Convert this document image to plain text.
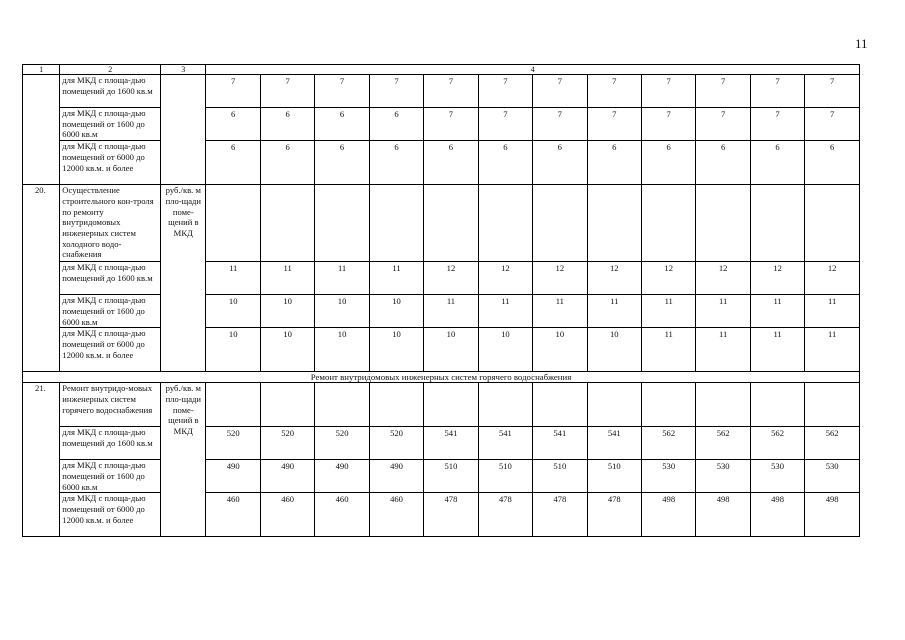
11
1	2	3	4											
	для МКД с площа-дью помещений до 1600 кв.м		7	7	7	7	7	7	7	7	7	7	7	7
	для МКД с площа-дью помещений от 1600 до 6000 кв.м		6	6	6	6	7	7	7	7	7	7	7	7
	для МКД с площа-дью помещений от 6000 до 12000 кв.м. и более		6	6	6	6	6	6	6	6	6	6	6	6
20.	Осуществление строительного кон-троля по ремонту внутридомовых инженерных систем холодного водо-снабжения	руб./кв. м пло-щади поме-щений в МКД												
	для МКД с площа-дью помещений до 1600 кв.м		11	11	11	11	12	12	12	12	12	12	12	12
	для МКД с площа-дью помещений от 1600 до 6000 кв.м		10	10	10	10	11	11	11	11	11	11	11	11
	для МКД с площа-дью помещений от 6000 до 12000 кв.м. и более		10	10	10	10	10	10	10	10	11	11	11	11
Ремонт внутридомовых инженерных систем горячего водоснабжения														
21.	Ремонт внутридо-мовых инженерных систем горячего водоснабжения	руб./кв. м пло-щади поме-щений в МКД												
	для МКД с площа-дью помещений до 1600 кв.м		520	520	520	520	541	541	541	541	562	562	562	562
	для МКД с площа-дью помещений от 1600 до 6000 кв.м		490	490	490	490	510	510	510	510	530	530	530	530
	для МКД с площа-дью помещений от 6000 до 12000 кв.м. и более		460	460	460	460	478	478	478	478	498	498	498	498
